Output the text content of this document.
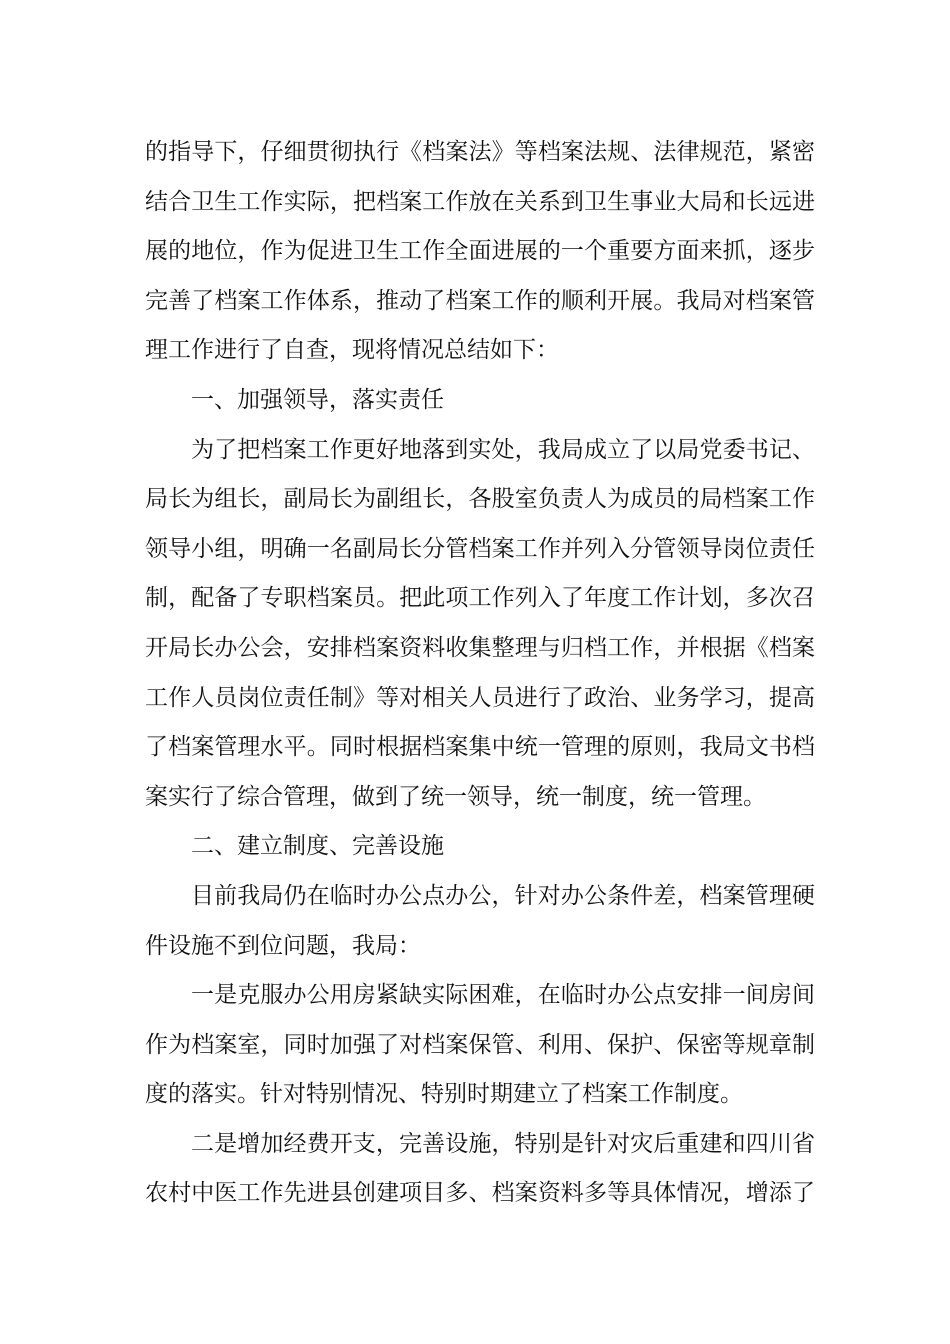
的指导下，仔细贯彻执行《档案法》等档案法规、法律规范，紧密
结合卫生工作实际，把档案工作放在关系到卫生事业大局和长远进
展的地位，作为促进卫生工作全面进展的一个重要方面来抓，逐步
完善了档案工作体系，推动了档案工作的顺利开展。我局对档案管
理工作进行了自查，现将情况总结如下：
一、加强领导，落实责任
为了把档案工作更好地落到实处，我局成立了以局党委书记、
局长为组长，副局长为副组长，各股室负责人为成员的局档案工作
领导小组，明确一名副局长分管档案工作并列入分管领导岗位责任
制，配备了专职档案员。把此项工作列入了年度工作计划，多次召
开局长办公会，安排档案资料收集整理与归档工作，并根据《档案
工作人员岗位责任制》等对相关人员进行了政治、业务学习，提高
了档案管理水平。同时根据档案集中统一管理的原则，我局文书档
案实行了综合管理，做到了统一领导，统一制度，统一管理。
二、建立制度、完善设施
目前我局仍在临时办公点办公，针对办公条件差，档案管理硬
件设施不到位问题，我局：
一是克服办公用房紧缺实际困难，在临时办公点安排一间房间
作为档案室，同时加强了对档案保管、利用、保护、保密等规章制
度的落实。针对特别情况、特别时期建立了档案工作制度。
二是增加经费开支，完善设施，特别是针对灾后重建和四川省
农村中医工作先进县创建项目多、档案资料多等具体情况，增添了
